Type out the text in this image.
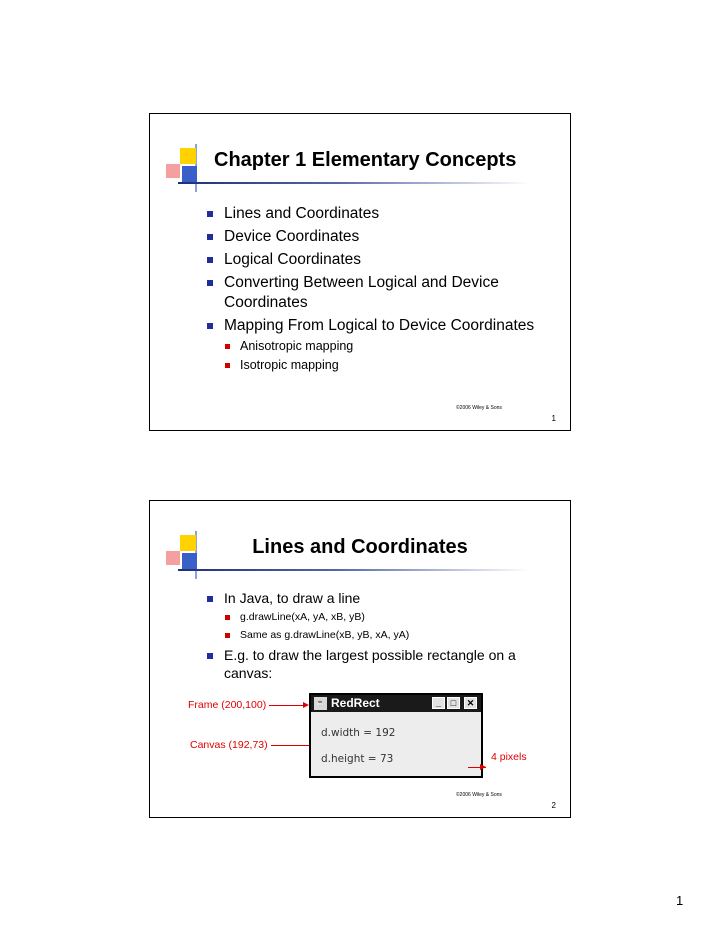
Chapter 1 Elementary Concepts
Lines and Coordinates
Device Coordinates
Logical Coordinates
Converting Between Logical and Device Coordinates
Mapping From Logical to Device Coordinates
Anisotropic mapping
Isotropic mapping
©2006 Wiley & Sons
1
Lines and Coordinates
In Java, to draw a line
g.drawLine(xA, yA, xB, yB)
Same as g.drawLine(xB, yB, xA, yA)
E.g. to draw the largest possible rectangle on a canvas:
Frame (200,100)
Canvas (192,73)
☕ RedRect	_	□	✕
d.width = 192
d.height = 73	4 pixels
©2006 Wiley & Sons
2
1
